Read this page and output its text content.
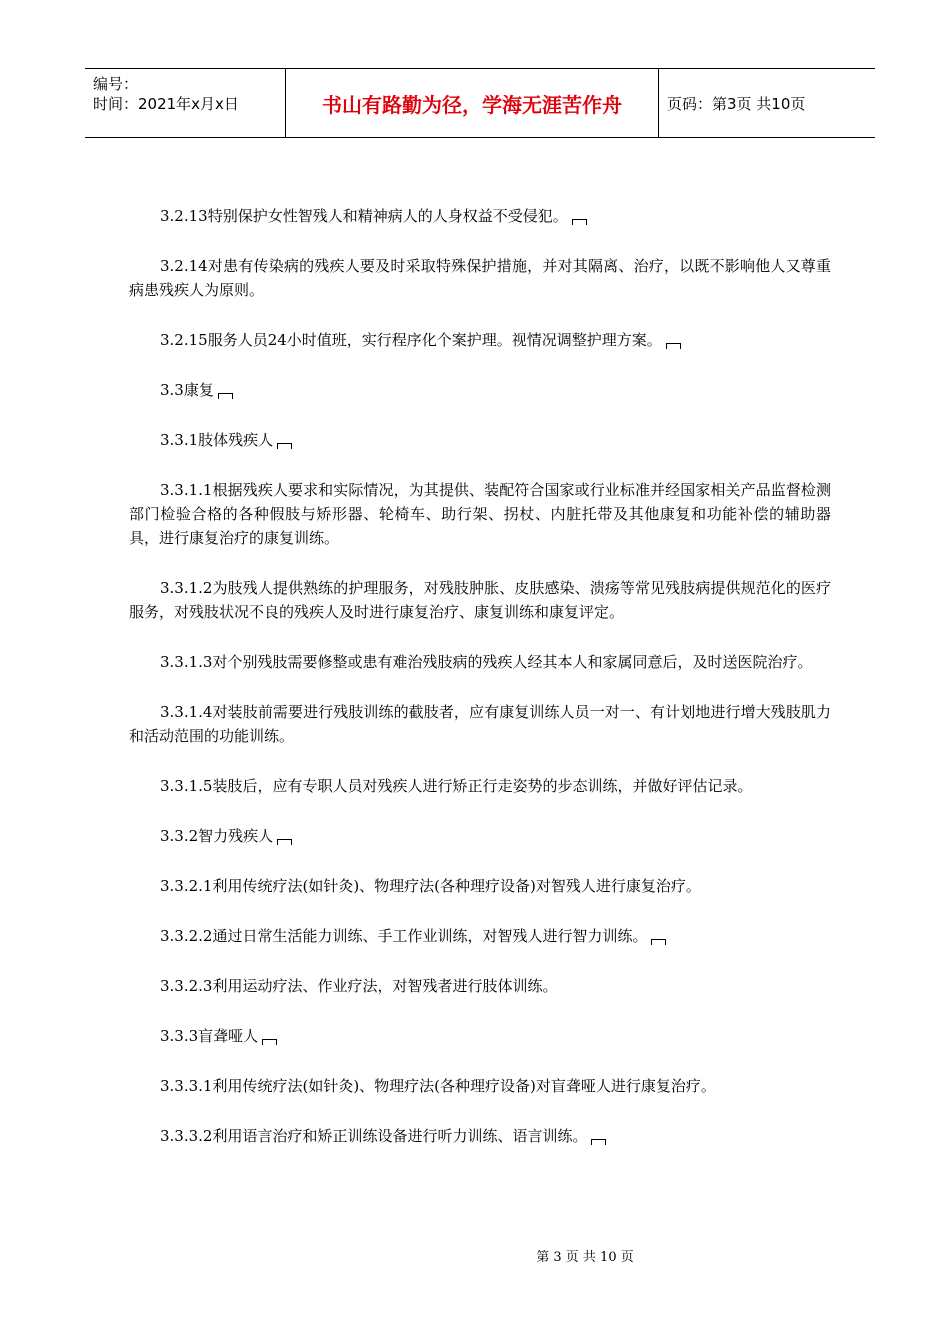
编号：
时间：2021年x月x日	书山有路勤为径，学海无涯苦作舟	页码：第3页 共10页

3.2.13特别保护女性智残人和精神病人的人身权益不受侵犯。

3.2.14对患有传染病的残疾人要及时采取特殊保护措施，并对其隔离、治疗，以既不影响他人又尊重病患残疾人为原则。

3.2.15服务人员24小时值班，实行程序化个案护理。视情况调整护理方案。

3.3康复

3.3.1肢体残疾人

3.3.1.1根据残疾人要求和实际情况，为其提供、装配符合国家或行业标准并经国家相关产品监督检测部门检验合格的各种假肢与矫形器、轮椅车、助行架、拐杖、内脏托带及其他康复和功能补偿的辅助器具，进行康复治疗的康复训练。

3.3.1.2为肢残人提供熟练的护理服务，对残肢肿胀、皮肤感染、溃疡等常见残肢病提供规范化的医疗服务，对残肢状况不良的残疾人及时进行康复治疗、康复训练和康复评定。

3.3.1.3对个别残肢需要修整或患有难治残肢病的残疾人经其本人和家属同意后，及时送医院治疗。

3.3.1.4对装肢前需要进行残肢训练的截肢者，应有康复训练人员一对一、有计划地进行增大残肢肌力和活动范围的功能训练。

3.3.1.5装肢后，应有专职人员对残疾人进行矫正行走姿势的步态训练，并做好评估记录。

3.3.2智力残疾人

3.3.2.1利用传统疗法(如针灸)、物理疗法(各种理疗设备)对智残人进行康复治疗。

3.3.2.2通过日常生活能力训练、手工作业训练，对智残人进行智力训练。

3.3.2.3利用运动疗法、作业疗法，对智残者进行肢体训练。

3.3.3盲聋哑人

3.3.3.1利用传统疗法(如针灸)、物理疗法(各种理疗设备)对盲聋哑人进行康复治疗。

3.3.3.2利用语言治疗和矫正训练设备进行听力训练、语言训练。

第 3 页 共 10 页
